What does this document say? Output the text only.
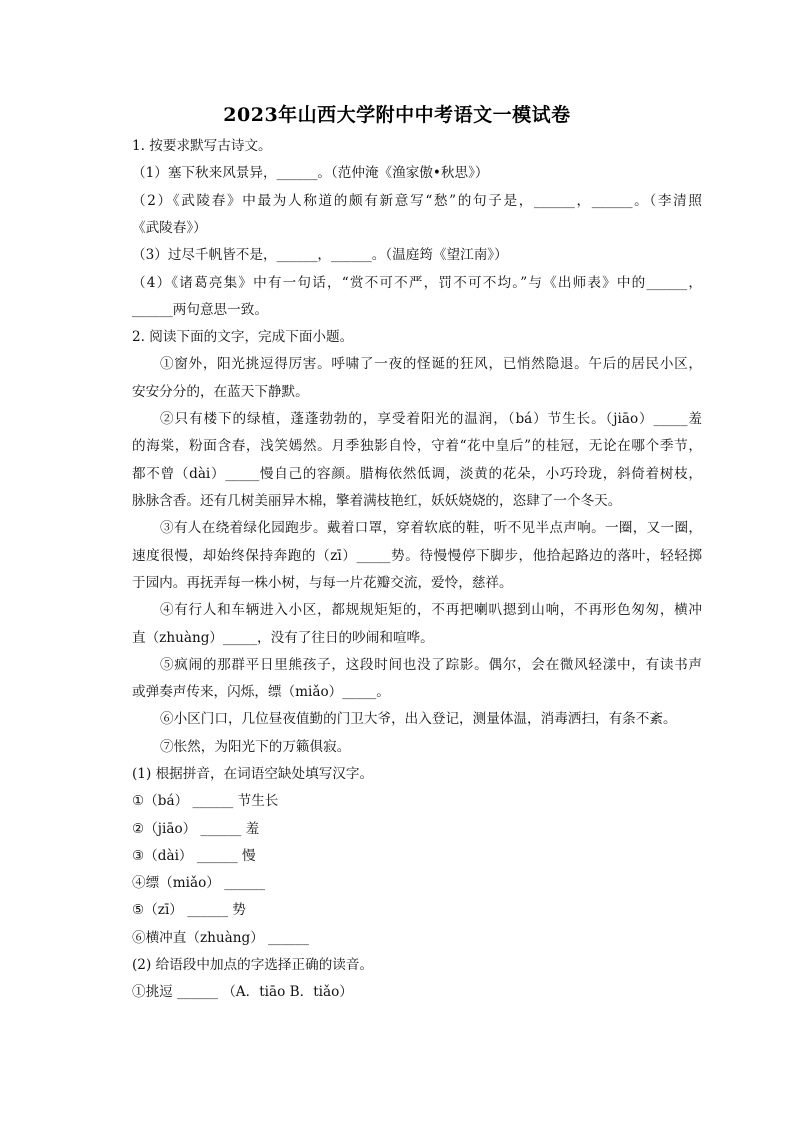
2023年山西大学附中中考语文一模试卷
1. 按要求默写古诗文。
（1）塞下秋来风景异，______。（范仲淹《渔家傲•秋思》）
（2）《武陵春》中最为人称道的颇有新意写“愁”的句子是，______，______。（李清照
《武陵春》）
（3）过尽千帆皆不是，______，______。（温庭筠《望江南》）
（4）《诸葛亮集》中有一句话，“赏不可不严，罚不可不均。”与《出师表》中的______，
______两句意思一致。
2. 阅读下面的文字，完成下面小题。
①窗外，阳光挑逗得厉害。呼啸了一夜的怪诞的狂风，已悄然隐退。午后的居民小区，
安安分分的，在蓝天下静默。
②只有楼下的绿植，蓬蓬勃勃的，享受着阳光的温润，（bá）节生长。（jiāo）_____羞
的海棠，粉面含春，浅笑嫣然。月季独影自怜，守着“花中皇后”的桂冠，无论在哪个季节，
都不曾（dài）_____慢自己的容颜。腊梅依然低调，淡黄的花朵，小巧玲珑，斜倚着树枝，
脉脉含香。还有几树美丽异木棉，擎着满枝艳红，妖妖娆娆的，恣肆了一个冬天。
③有人在绕着绿化园跑步。戴着口罩，穿着软底的鞋，听不见半点声响。一圈，又一圈，
速度很慢，却始终保持奔跑的（zī）_____势。待慢慢停下脚步，他拾起路边的落叶，轻轻掷
于园内。再抚弄每一株小树，与每一片花瓣交流，爱怜，慈祥。
④有行人和车辆进入小区，都规规矩矩的，不再把喇叭摁到山响，不再形色匆匆，横冲
直（zhuàng）_____，没有了往日的吵闹和喧哗。
⑤疯闹的那群平日里熊孩子，这段时间也没了踪影。偶尔，会在微风轻漾中，有读书声
或弹奏声传来，闪烁，缥（miǎo）_____。
⑥小区门口，几位昼夜值勤的门卫大爷，出入登记，测量体温，消毒洒扫，有条不紊。
⑦怅然，为阳光下的万籁俱寂。
(1) 根据拼音，在词语空缺处填写汉字。
①（bá） ______ 节生长
②（jiāo） ______ 羞
③（dài） ______ 慢
④缥（miǎo） ______
⑤（zī） ______ 势
⑥横冲直（zhuàng） ______
(2) 给语段中加点的字选择正确的读音。
①挑逗 ______ （A．tiāo B．tiǎo）
